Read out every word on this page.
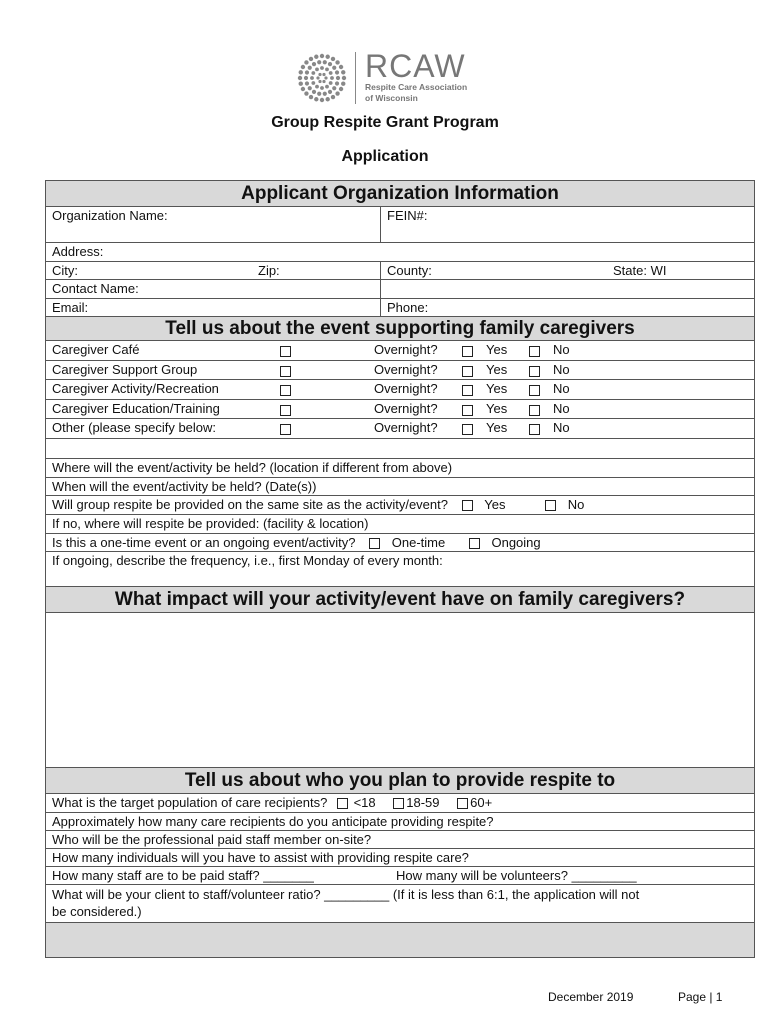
RCAW
Respite Care Association
of Wisconsin
Group Respite Grant Program
Application
Applicant Organization Information
Organization Name:	FEIN#:
Address:
City:	Zip:	County:	State: WI
Contact Name:
Email:	Phone:
Tell us about the event supporting family caregivers
Caregiver Café	Overnight?	Yes	No
Caregiver Support Group	Overnight?	Yes	No
Caregiver Activity/Recreation	Overnight?	Yes	No
Caregiver Education/Training	Overnight?	Yes	No
Other (please specify below:	Overnight?	Yes	No
Where will the event/activity be held? (location if different from above)
When will the event/activity be held? (Date(s))
Will group respite be provided on the same site as the activity/event?	Yes	No
If no, where will respite be provided: (facility & location)
Is this a one-time event or an ongoing event/activity?	One-time	Ongoing
If ongoing, describe the frequency, i.e., first Monday of every month:
What impact will your activity/event have on family caregivers?
Tell us about who you plan to provide respite to
What is the target population of care recipients? <18 18-59 60+
Approximately how many care recipients do you anticipate providing respite?
Who will be the professional paid staff member on-site?
How many individuals will you have to assist with providing respite care?
How many staff are to be paid staff? _______	How many will be volunteers? _________
What will be your client to staff/volunteer ratio? _________ (If it is less than 6:1, the application will not
be considered.)
December 2019	Page | 1
